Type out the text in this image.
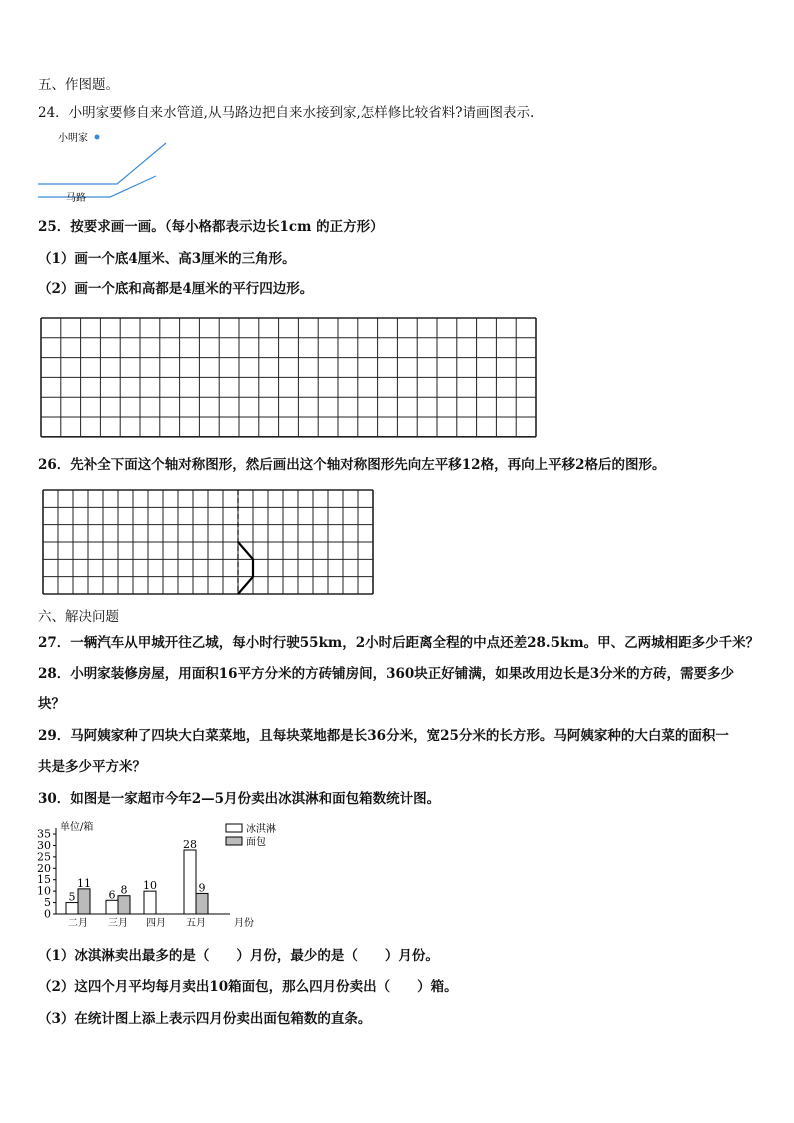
五、作图题。
24．小明家要修自来水管道,从马路边把自来水接到家,怎样修比较省料?请画图表示.
小明家
马路
25．按要求画一画。（每小格都表示边长1cm 的正方形）
（1）画一个底4厘米、高3厘米的三角形。
（2）画一个底和高都是4厘米的平行四边形。
26．先补全下面这个轴对称图形，然后画出这个轴对称图形先向左平移12格，再向上平移2格后的图形。
六、解决问题
27．一辆汽车从甲城开往乙城，每小时行驶55km，2小时后距离全程的中点还差28.5km。甲、乙两城相距多少千米？
28．小明家装修房屋，用面积16平方分米的方砖铺房间，360块正好铺满，如果改用边长是3分米的方砖，需要多少
块？
29．马阿姨家种了四块大白菜菜地，且每块菜地都是长36分米，宽25分米的长方形。马阿姨家种的大白菜的面积一
共是多少平方米？
30．如图是一家超市今年2—5月份卖出冰淇淋和面包箱数统计图。
0
5
10
15
20
25
30
35 单位/箱
5
11
二月
6 8
三月
10
四月
28
9
五月	月份
冰淇淋
面包
（1）冰淇淋卖出最多的是（　　）月份，最少的是（　　）月份。
（2）这四个月平均每月卖出10箱面包，那么四月份卖出（　　）箱。
（3）在统计图上添上表示四月份卖出面包箱数的直条。
